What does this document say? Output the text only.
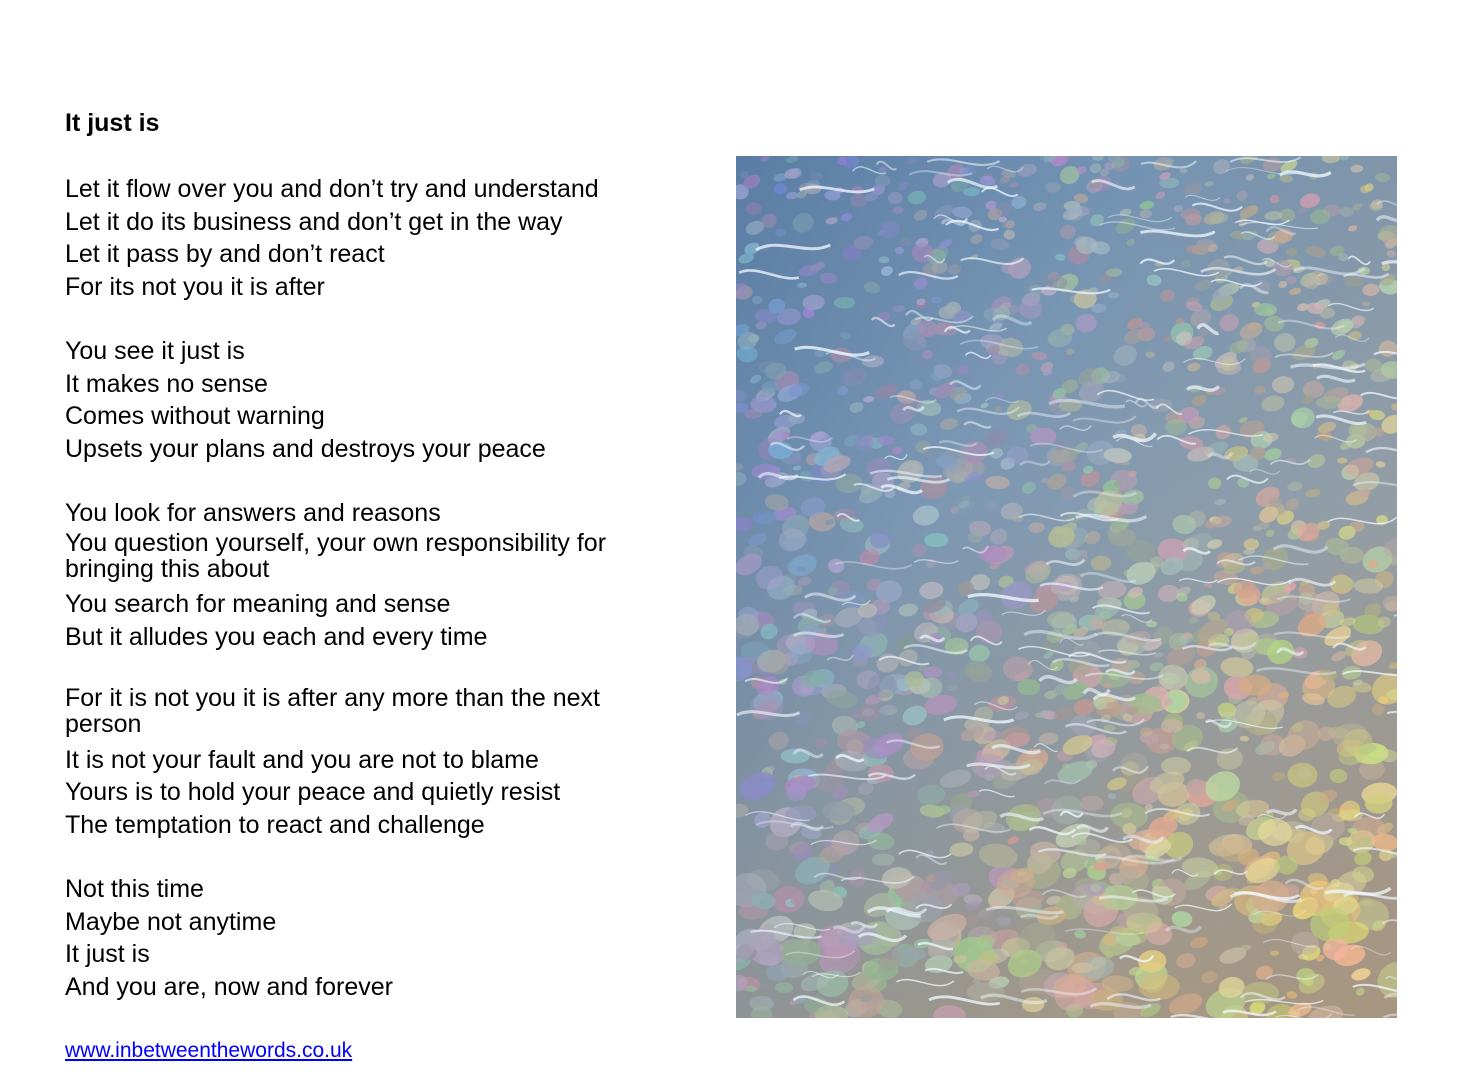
It just is
Let it flow over you and don’t try and understand
Let it do its business and don’t get in the way
Let it pass by and don’t react
For its not you it is after
You see it just is
It makes no sense
Comes without warning
Upsets your plans and destroys your peace
You look for answers and reasons
You question yourself, your own responsibility for bringing this about
You search for meaning and sense
But it alludes you each and every time
For it is not you it is after any more than the next person
It is not your fault and you are not to blame
Yours is to hold your peace and quietly resist
The temptation to react and challenge
Not this time
Maybe not anytime
It just is
And you are, now and forever
www.inbetweenthewords.co.uk
